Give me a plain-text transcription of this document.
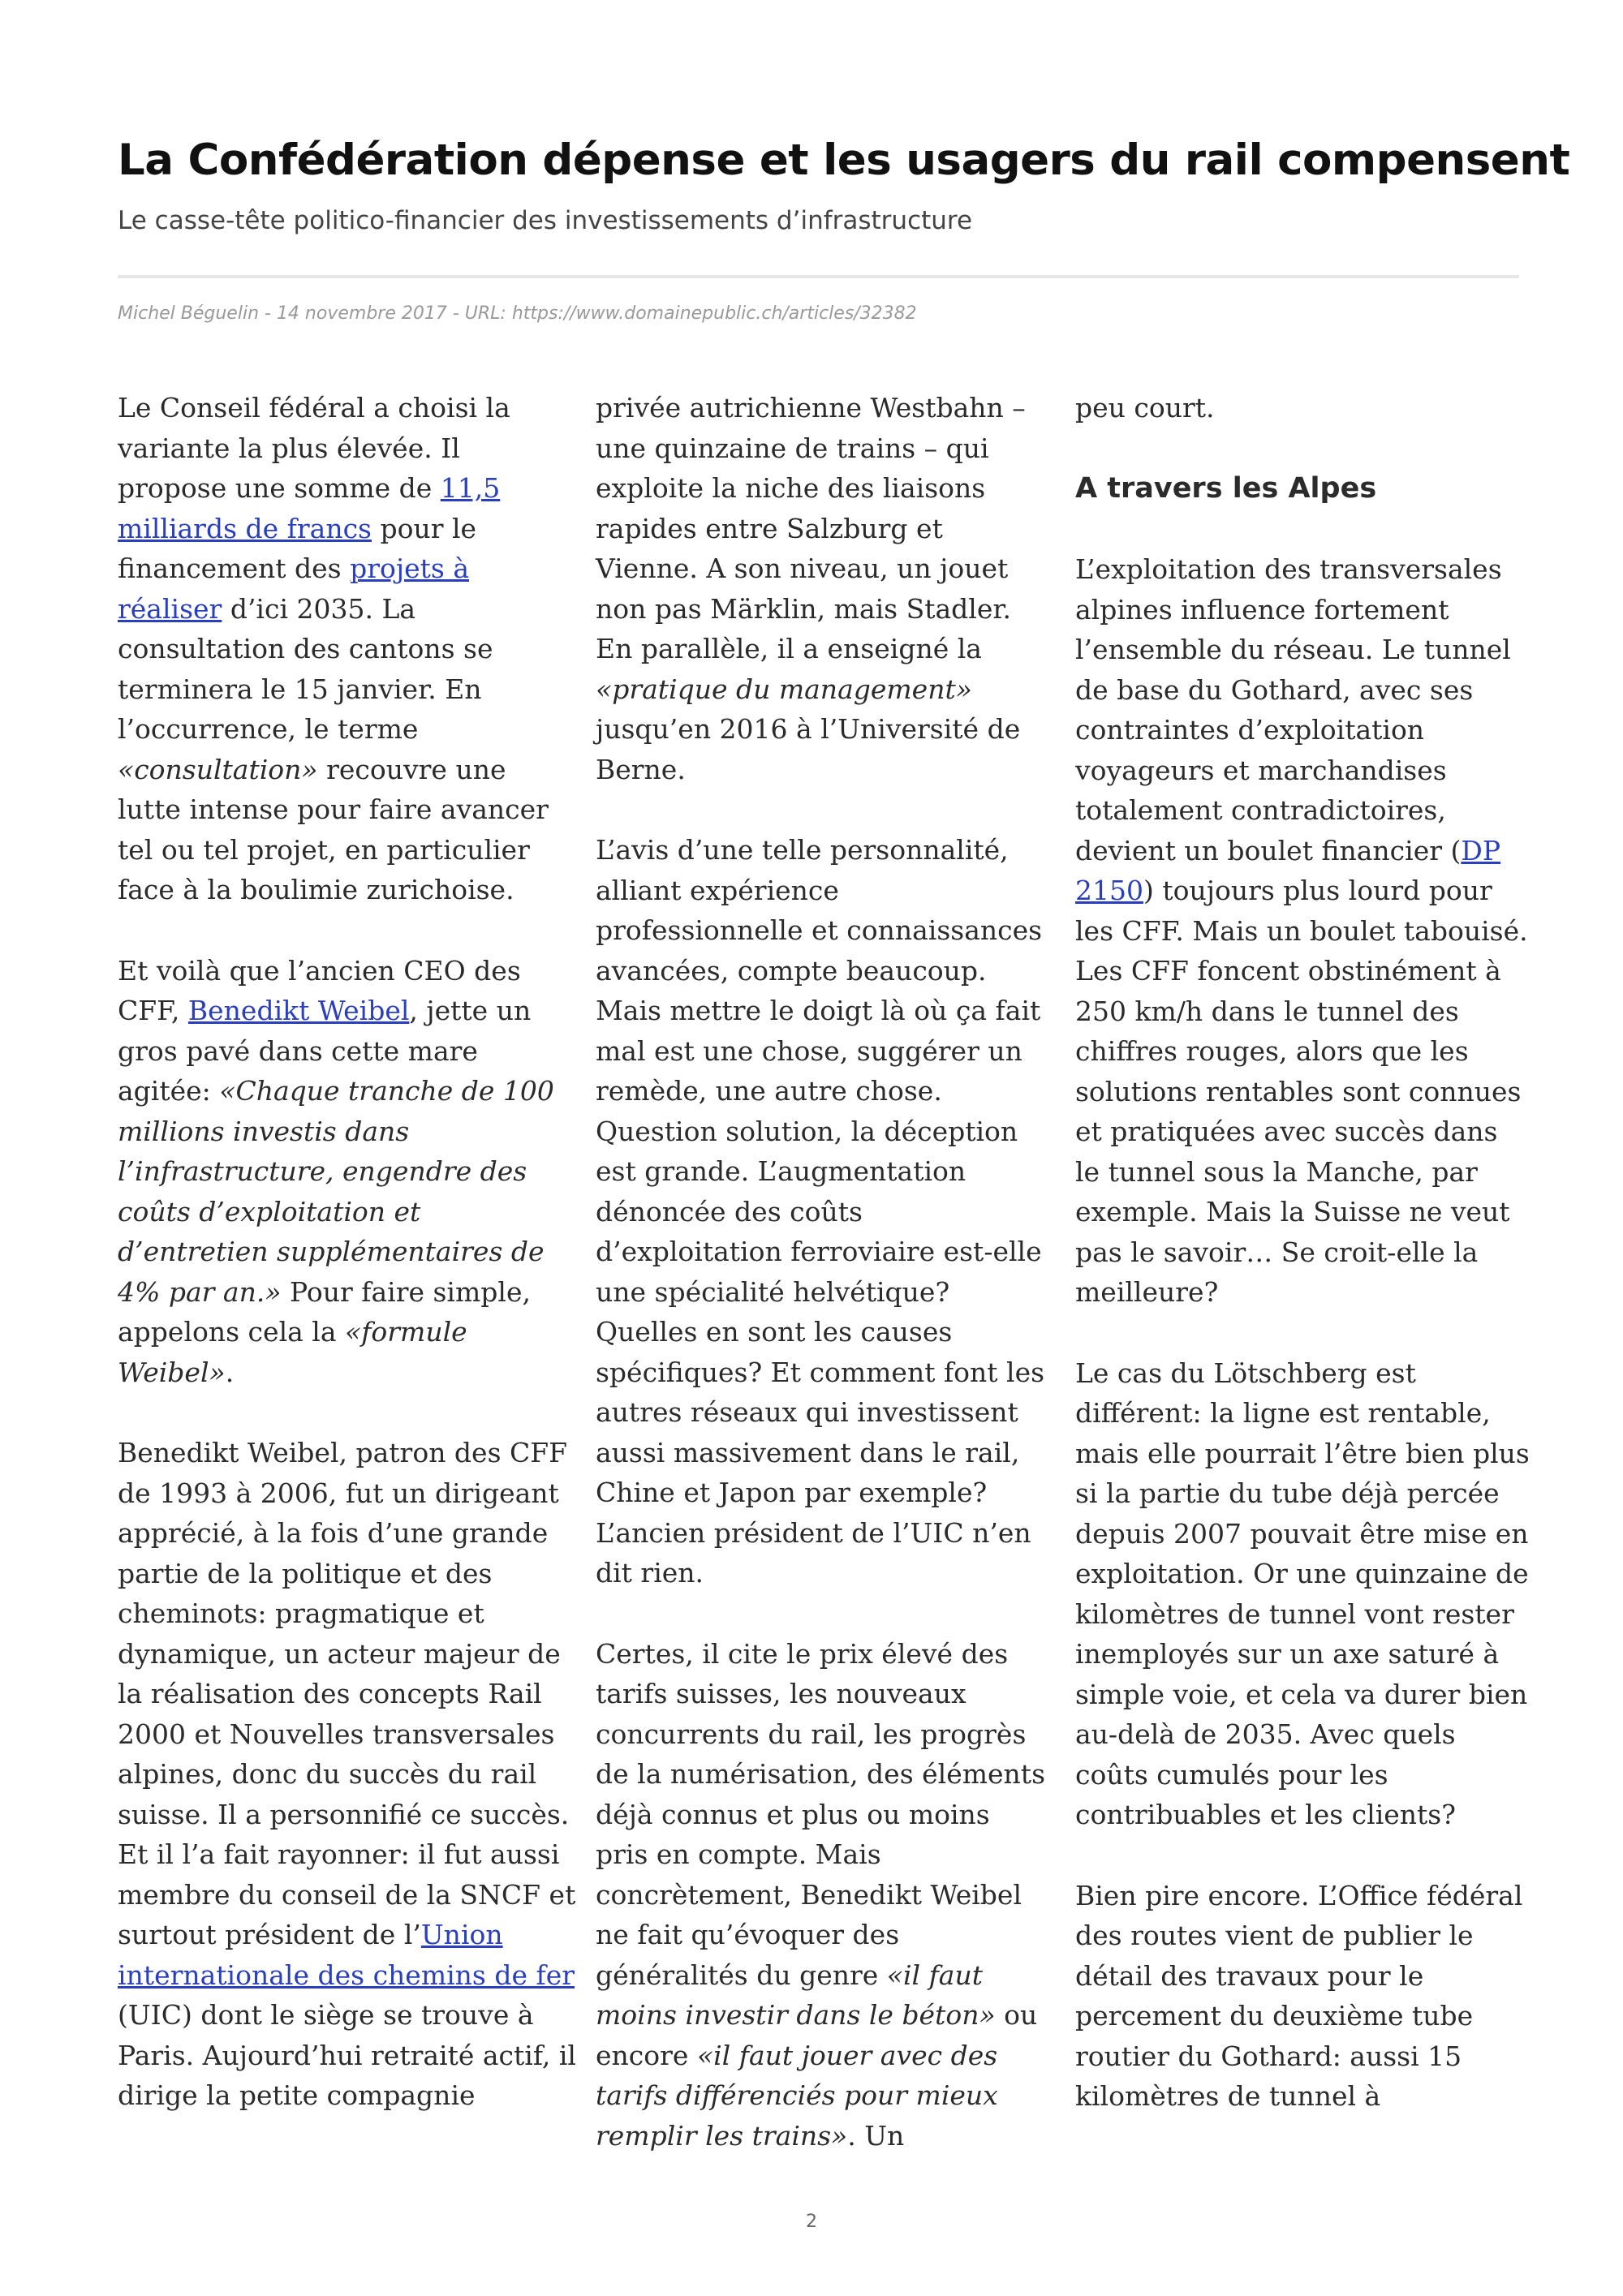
La Confédération dépense et les usagers du rail compensent
Le casse-tête politico-financier des investissements d’infrastructure
Michel Béguelin - 14 novembre 2017 - URL: https://www.domainepublic.ch/articles/32382

Le Conseil fédéral a choisi la variante la plus élevée. Il propose une somme de 11,5 milliards de francs pour le financement des projets à réaliser d’ici 2035. La consultation des cantons se terminera le 15 janvier. En l’occurrence, le terme «consultation» recouvre une lutte intense pour faire avancer tel ou tel projet, en particulier face à la boulimie zurichoise.

Et voilà que l’ancien CEO des CFF, Benedikt Weibel, jette un gros pavé dans cette mare agitée: «Chaque tranche de 100 millions investis dans l’infrastructure, engendre des coûts d’exploitation et d’entretien supplémentaires de 4% par an.» Pour faire simple, appelons cela la «formule Weibel».

Benedikt Weibel, patron des CFF de 1993 à 2006, fut un dirigeant apprécié, à la fois d’une grande partie de la politique et des cheminots: pragmatique et dynamique, un acteur majeur de la réalisation des concepts Rail 2000 et Nouvelles transversales alpines, donc du succès du rail suisse. Il a personnifié ce succès. Et il l’a fait rayonner: il fut aussi membre du conseil de la SNCF et surtout président de l’Union internationale des chemins de fer (UIC) dont le siège se trouve à Paris. Aujourd’hui retraité actif, il dirige la petite compagnie

privée autrichienne Westbahn – une quinzaine de trains – qui exploite la niche des liaisons rapides entre Salzburg et Vienne. A son niveau, un jouet non pas Märklin, mais Stadler. En parallèle, il a enseigné la «pratique du management» jusqu’en 2016 à l’Université de Berne.

L’avis d’une telle personnalité, alliant expérience professionnelle et connaissances avancées, compte beaucoup. Mais mettre le doigt là où ça fait mal est une chose, suggérer un remède, une autre chose. Question solution, la déception est grande. L’augmentation dénoncée des coûts d’exploitation ferroviaire est-elle une spécialité helvétique? Quelles en sont les causes spécifiques? Et comment font les autres réseaux qui investissent aussi massivement dans le rail, Chine et Japon par exemple? L’ancien président de l’UIC n’en dit rien.

Certes, il cite le prix élevé des tarifs suisses, les nouveaux concurrents du rail, les progrès de la numérisation, des éléments déjà connus et plus ou moins pris en compte. Mais concrètement, Benedikt Weibel ne fait qu’évoquer des généralités du genre «il faut moins investir dans le béton» ou encore «il faut jouer avec des tarifs différenciés pour mieux remplir les trains». Un

peu court.

A travers les Alpes

L’exploitation des transversales alpines influence fortement l’ensemble du réseau. Le tunnel de base du Gothard, avec ses contraintes d’exploitation voyageurs et marchandises totalement contradictoires, devient un boulet financier (DP 2150) toujours plus lourd pour les CFF. Mais un boulet tabouisé. Les CFF foncent obstinément à 250 km/h dans le tunnel des chiffres rouges, alors que les solutions rentables sont connues et pratiquées avec succès dans le tunnel sous la Manche, par exemple. Mais la Suisse ne veut pas le savoir… Se croit-elle la meilleure?

Le cas du Lötschberg est différent: la ligne est rentable, mais elle pourrait l’être bien plus si la partie du tube déjà percée depuis 2007 pouvait être mise en exploitation. Or une quinzaine de kilomètres de tunnel vont rester inemployés sur un axe saturé à simple voie, et cela va durer bien au-delà de 2035. Avec quels coûts cumulés pour les contribuables et les clients?

Bien pire encore. L’Office fédéral des routes vient de publier le détail des travaux pour le percement du deuxième tube routier du Gothard: aussi 15 kilomètres de tunnel à

2
